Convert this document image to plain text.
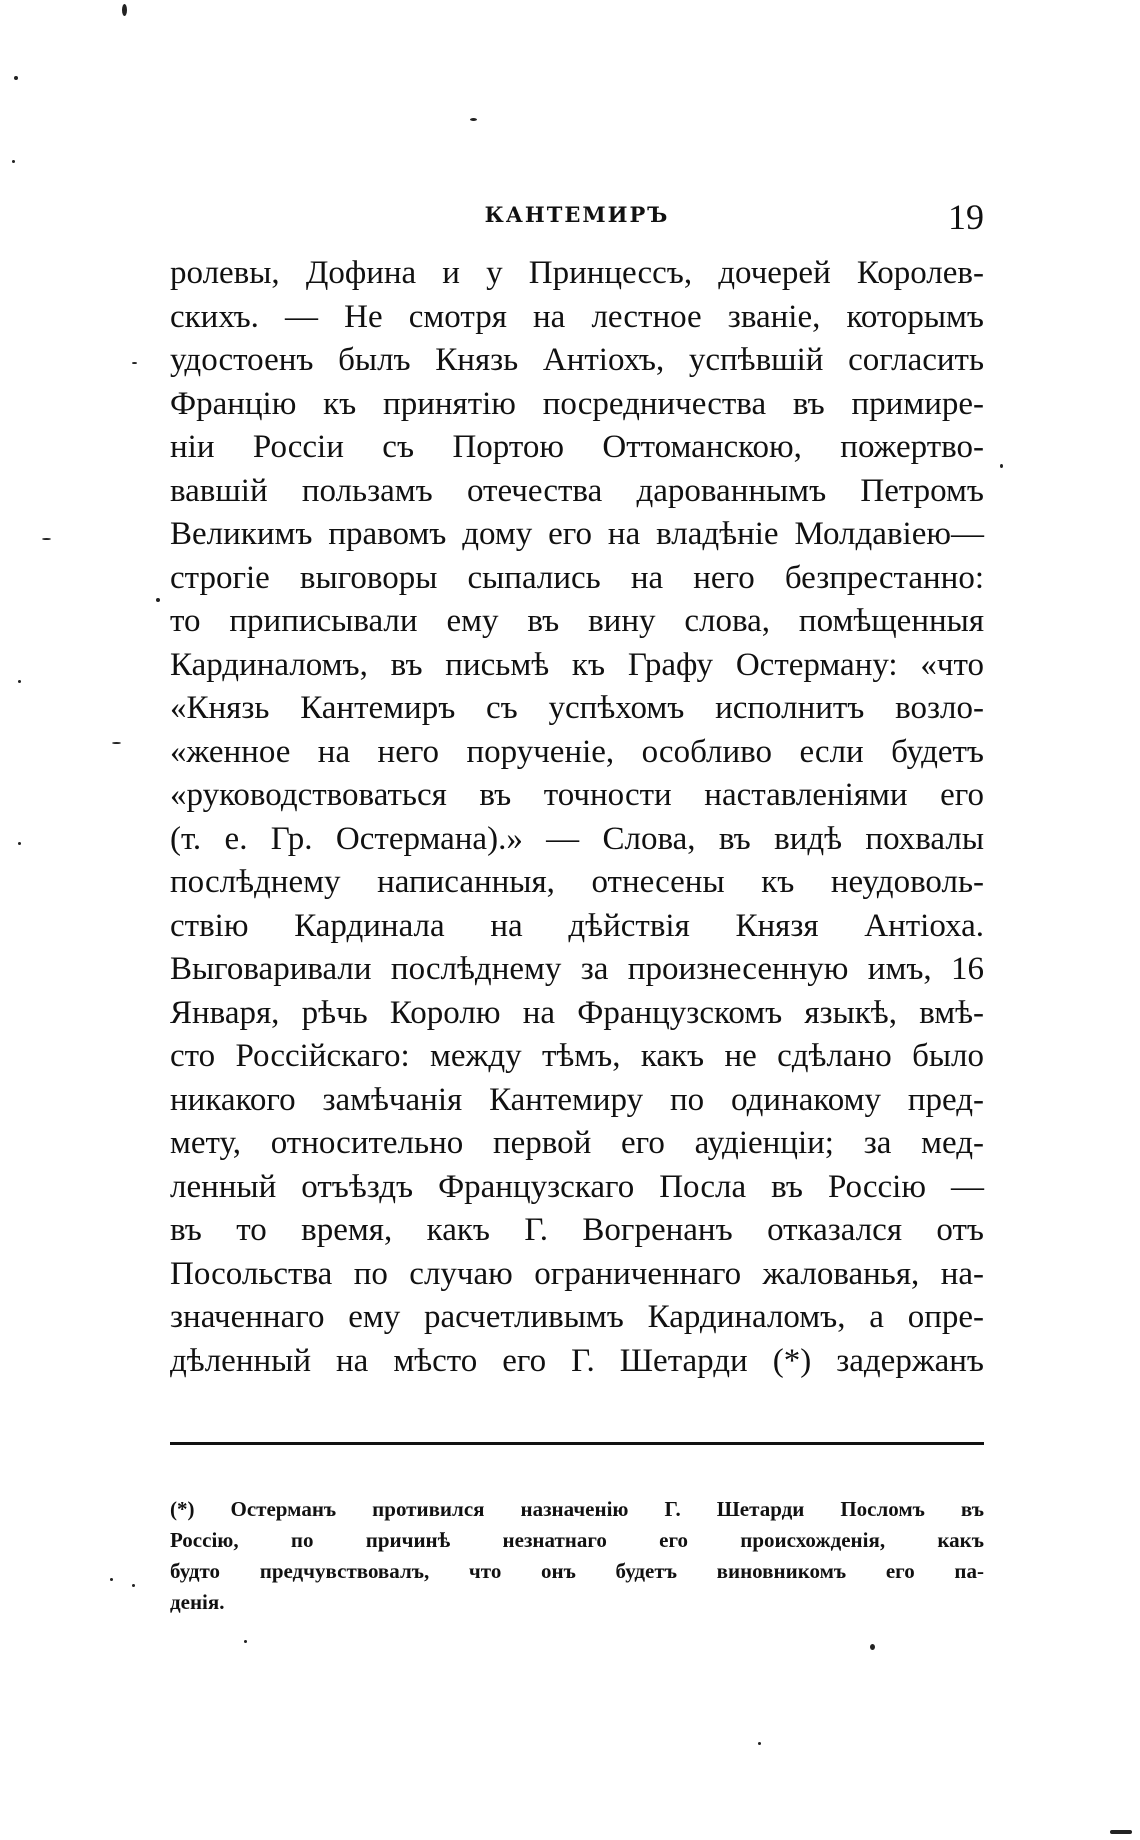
КАНТЕМИРЪ	19
ролевы, Дофина и у Принцессъ, дочерей Королев-
скихъ. — Не смотря на лестное званіе, которымъ
удостоенъ былъ Князь Антіохъ, успѣвшій согласить
Францію къ принятію посредничества въ примире-
ніи Россіи съ Портою Оттоманскою, пожертво-
вавшій пользамъ отечества дарованнымъ Петромъ
Великимъ правомъ дому его на владѣніе Молдавіею—
строгіе выговоры сыпались на него безпрестанно:
то приписывали ему въ вину слова, помѣщенныя
Кардиналомъ, въ письмѣ къ Графу Остерману: «что
«Князь Кантемиръ съ успѣхомъ исполнитъ возло-
«женное на него порученіе, особливо если будетъ
«руководствоваться въ точности наставленіями его
(т. е. Гр. Остермана).» — Слова, въ видѣ похвалы
послѣднему написанныя, отнесены къ неудоволь-
ствію Кардинала на дѣйствія Князя Антіоха.
Выговаривали послѣднему за произнесенную имъ, 16
Января, рѣчь Королю на Французскомъ языкѣ, вмѣ-
сто Россійскаго: между тѣмъ, какъ не сдѣлано было
никакого замѣчанія Кантемиру по одинакому пред-
мету, относительно первой его аудіенціи; за мед-
ленный отъѣздъ Французскаго Посла въ Россію —
въ то время, какъ Г. Вогренанъ отказался отъ
Посольства по случаю ограниченнаго жалованья, на-
значеннаго ему расчетливымъ Кардиналомъ, а опре-
дѣленный на мѣсто его Г. Шетарди (*) задержанъ
(*) Остерманъ противился назначенію Г. Шетарди Посломъ въ
Россію, по причинѣ незнатнаго его происхожденія, какъ
будто предчувствовалъ, что онъ будетъ виновникомъ его па-
денія.
